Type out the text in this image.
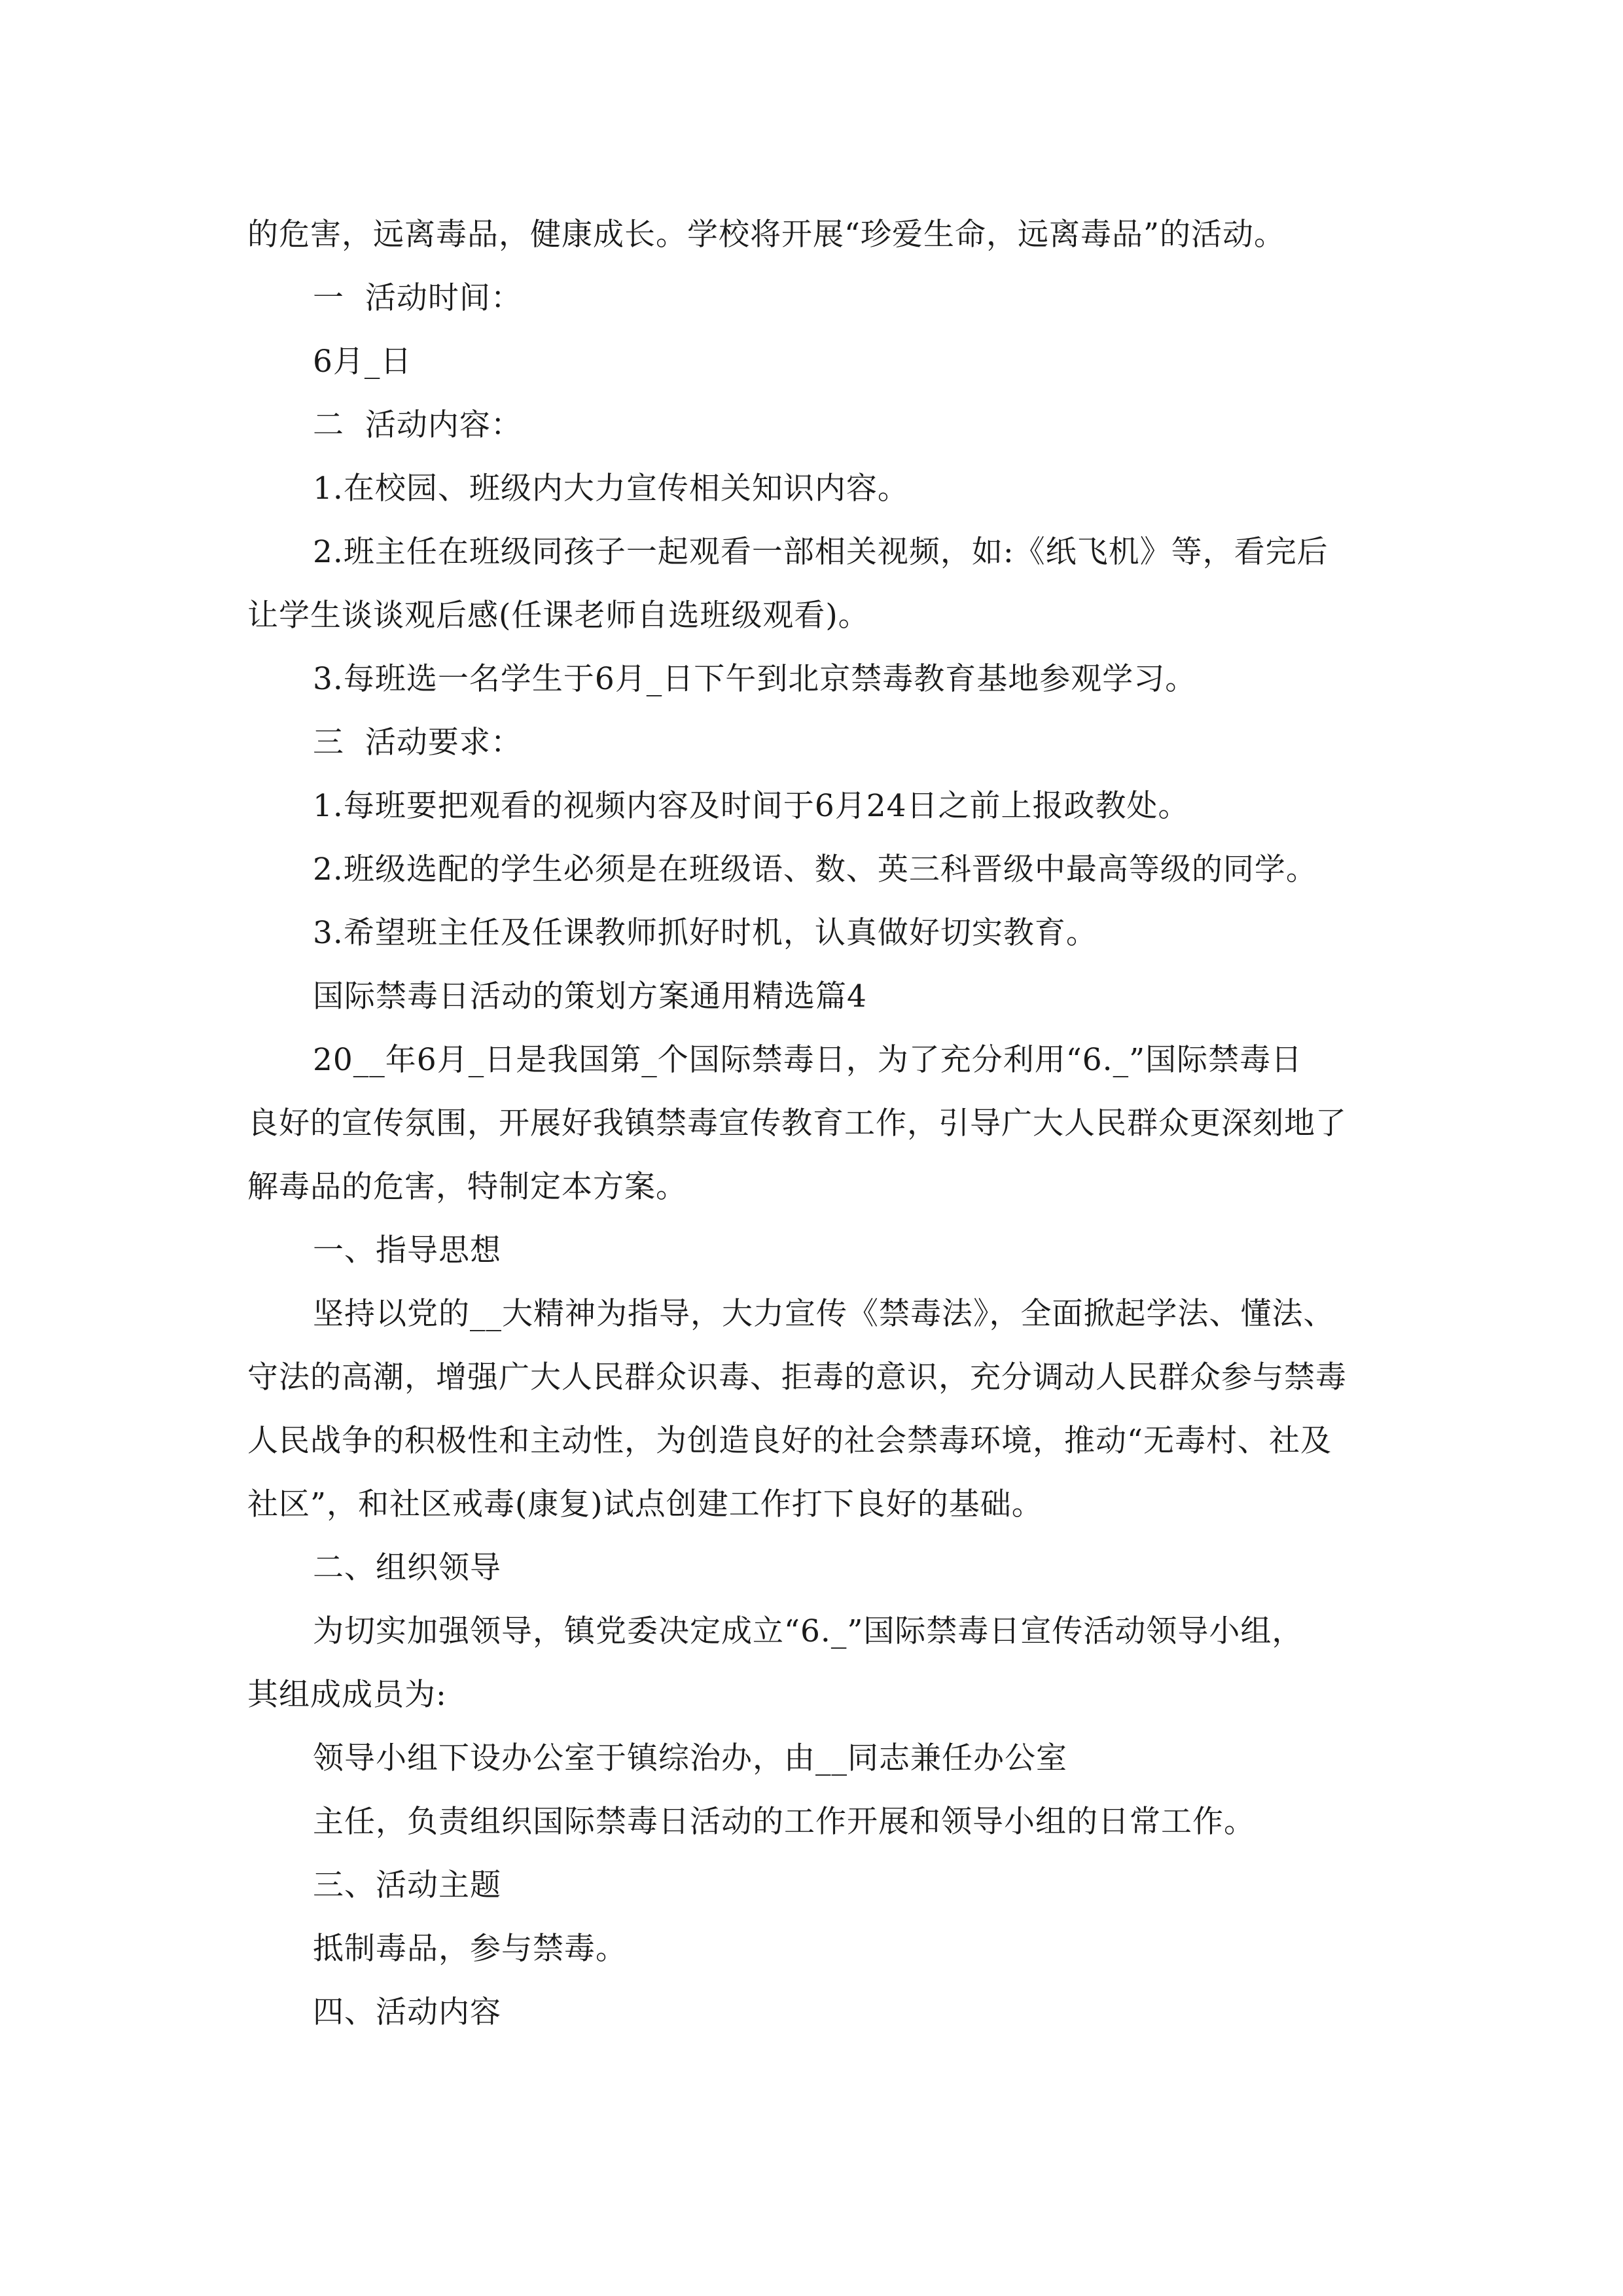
的危害，远离毒品，健康成长。学校将开展“珍爱生命，远离毒品”的活动。
一  活动时间：
6月_日
二  活动内容：
1.在校园、班级内大力宣传相关知识内容。
2.班主任在班级同孩子一起观看一部相关视频，如:《纸飞机》等，看完后
让学生谈谈观后感(任课老师自选班级观看)。
3.每班选一名学生于6月_日下午到北京禁毒教育基地参观学习。
三  活动要求：
1.每班要把观看的视频内容及时间于6月24日之前上报政教处。
2.班级选配的学生必须是在班级语、数、英三科晋级中最高等级的同学。
3.希望班主任及任课教师抓好时机，认真做好切实教育。
国际禁毒日活动的策划方案通用精选篇4
20__年6月_日是我国第_个国际禁毒日，为了充分利用“6._”国际禁毒日
良好的宣传氛围，开展好我镇禁毒宣传教育工作，引导广大人民群众更深刻地了
解毒品的危害，特制定本方案。
一、指导思想
坚持以党的__大精神为指导，大力宣传《禁毒法》，全面掀起学法、懂法、
守法的高潮，增强广大人民群众识毒、拒毒的意识，充分调动人民群众参与禁毒
人民战争的积极性和主动性，为创造良好的社会禁毒环境，推动“无毒村、社及
社区”，和社区戒毒(康复)试点创建工作打下良好的基础。
二、组织领导
为切实加强领导，镇党委决定成立“6._”国际禁毒日宣传活动领导小组，
其组成成员为:
领导小组下设办公室于镇综治办，由__同志兼任办公室
主任，负责组织国际禁毒日活动的工作开展和领导小组的日常工作。
三、活动主题
抵制毒品，参与禁毒。
四、活动内容
